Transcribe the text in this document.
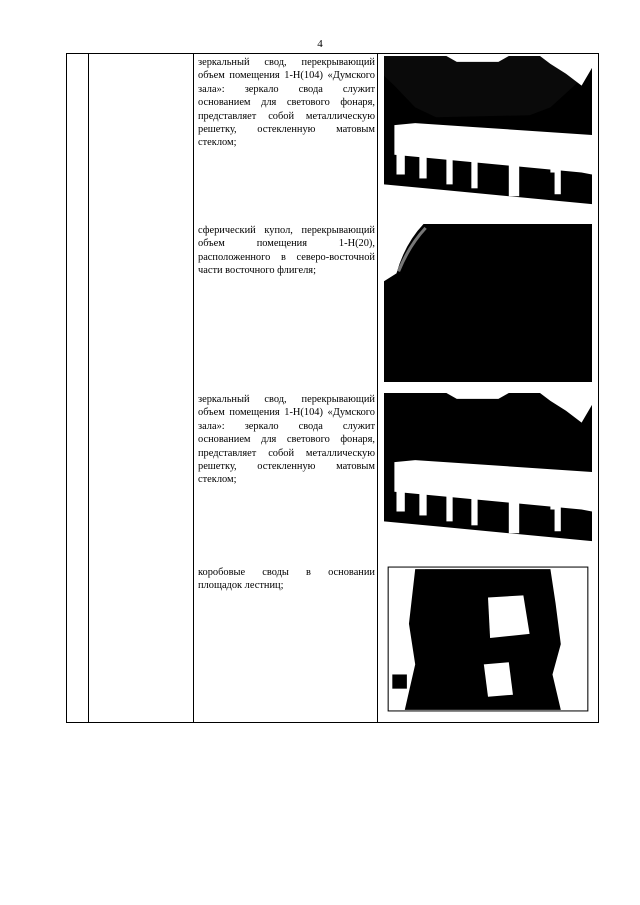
4
зеркальный свод, перекрывающий объем помещения 1-Н(104) «Думского зала»: зеркало свода служит основанием для светового фонаря, представляет собой металлическую решетку, остекленную матовым стеклом;
сферический купол, перекрывающий объем помещения 1-Н(20), расположенного в северо-восточной части восточного флигеля;
зеркальный свод, перекрывающий объем помещения 1-Н(104) «Думского зала»: зеркало свода служит основанием для светового фонаря, представляет собой металлическую решетку, остекленную матовым стеклом;
коробовые своды в основании площадок лестниц;
